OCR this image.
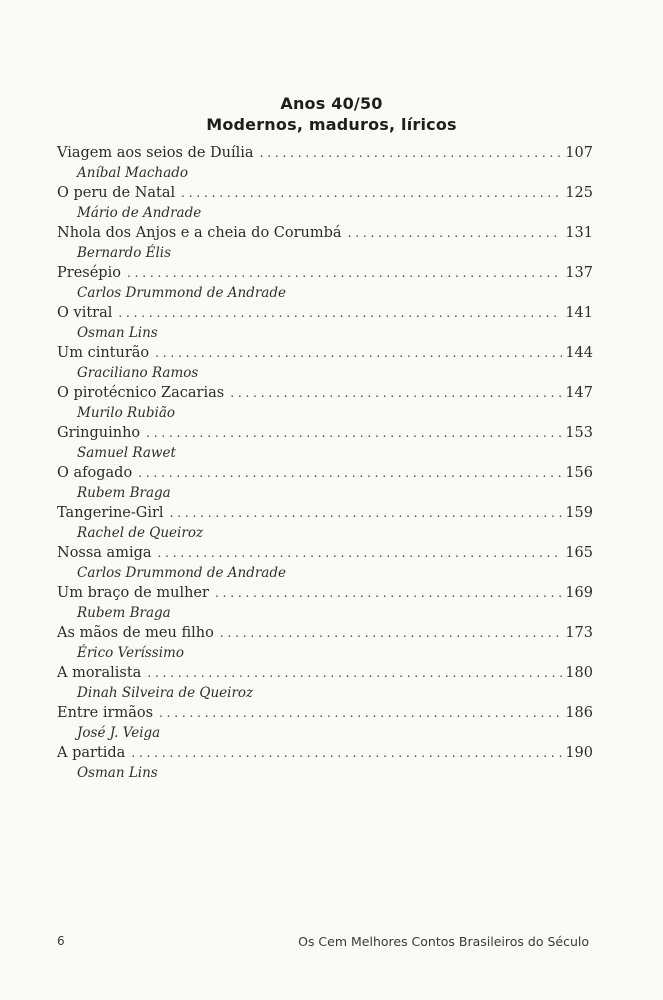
Anos 40/50
Modernos, maduros, líricos
Viagem aos seios de Duília . . .	107
Aníbal Machado
O peru de Natal . . .	125
Mário de Andrade
Nhola dos Anjos e a cheia do Corumbá . . .	131
Bernardo Élis
Presépio . . .	137
Carlos Drummond de Andrade
O vitral . . .	141
Osman Lins
Um cinturão . . .	144
Graciliano Ramos
O pirotécnico Zacarias . . .	147
Murilo Rubião
Gringuinho . . .	153
Samuel Rawet
O afogado . . .	156
Rubem Braga
Tangerine-Girl . . .	159
Rachel de Queiroz
Nossa amiga . . .	165
Carlos Drummond de Andrade
Um braço de mulher . . .	169
Rubem Braga
As mãos de meu filho . . .	173
Érico Veríssimo
A moralista . . .	180
Dinah Silveira de Queiroz
Entre irmãos . . .	186
José J. Veiga
A partida . . .	190
Osman Lins
6	Os Cem Melhores Contos Brasileiros do Século
